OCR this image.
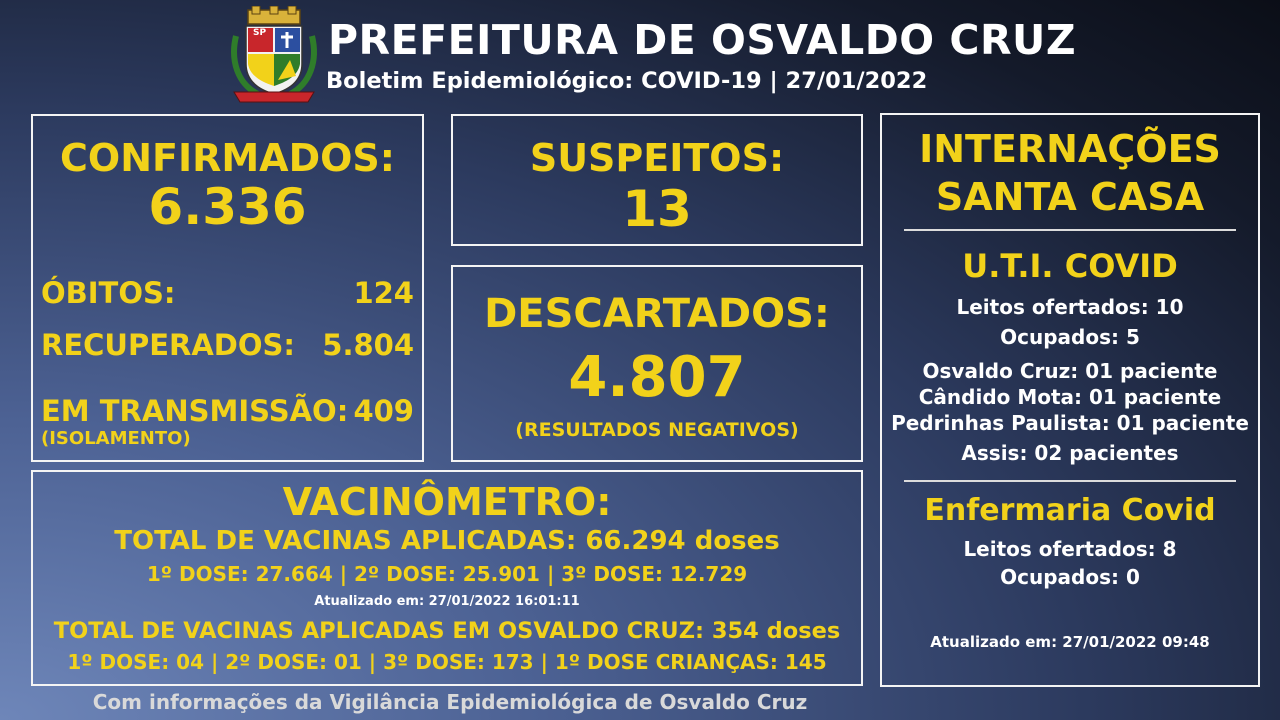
SP PREFEITURA DE OSVALDO CRUZ
Boletim Epidemiológico: COVID-19 | 27/01/2022
CONFIRMADOS:
6.336
ÓBITOS:	124
RECUPERADOS: 5.804
EM TRANSMISSÃO: 409
(ISOLAMENTO)
SUSPEITOS:
13
DESCARTADOS:
4.807
(RESULTADOS NEGATIVOS)
VACINÔMETRO:
TOTAL DE VACINAS APLICADAS: 66.294 doses
1º DOSE: 27.664 | 2º DOSE: 25.901 | 3º DOSE: 12.729
Atualizado em: 27/01/2022 16:01:11
TOTAL DE VACINAS APLICADAS EM OSVALDO CRUZ: 354 doses
1º DOSE: 04 | 2º DOSE: 01 | 3º DOSE: 173 | 1º DOSE CRIANÇAS: 145
INTERNAÇÕES
SANTA CASA
U.T.I. COVID
Leitos ofertados: 10
Ocupados: 5
Osvaldo Cruz: 01 paciente
Cândido Mota: 01 paciente
Pedrinhas Paulista: 01 paciente
Assis: 02 pacientes
Enfermaria Covid
Leitos ofertados: 8
Ocupados: 0
Atualizado em: 27/01/2022 09:48
Com informações da Vigilância Epidemiológica de Osvaldo Cruz
